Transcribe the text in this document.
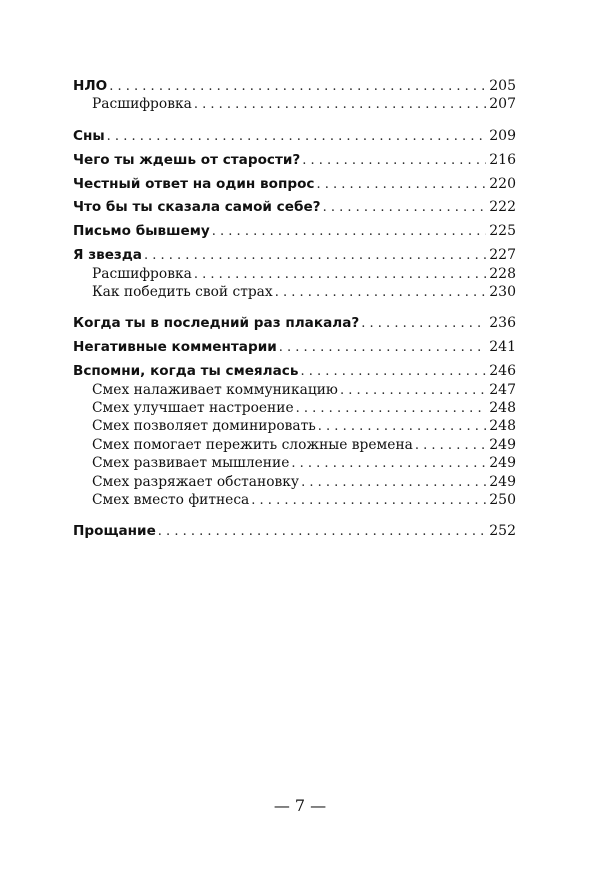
НЛО . . .	205
Расшифровка . . .	207
Сны . . .	209
Чего ты ждешь от старости? . . .	216
Честный ответ на один вопрос . . .	220
Что бы ты сказала самой себе? . . .	222
Письмо бывшему . . .	225
Я звезда . . .	227
Расшифровка . . .	228
Как победить свой страх . . .	230
Когда ты в последний раз плакала? . . .	236
Негативные комментарии . . .	241
Вспомни, когда ты смеялась . . .	246
Смех налаживает коммуникацию . . .	247
Смех улучшает настроение . . .	248
Смех позволяет доминировать . . .	248
Смех помогает пережить сложные времена . . .	249
Смех развивает мышление . . .	249
Смех разряжает обстановку . . .	249
Смех вместо фитнеса . . .	250
Прощание . . .	252
— 7 —
